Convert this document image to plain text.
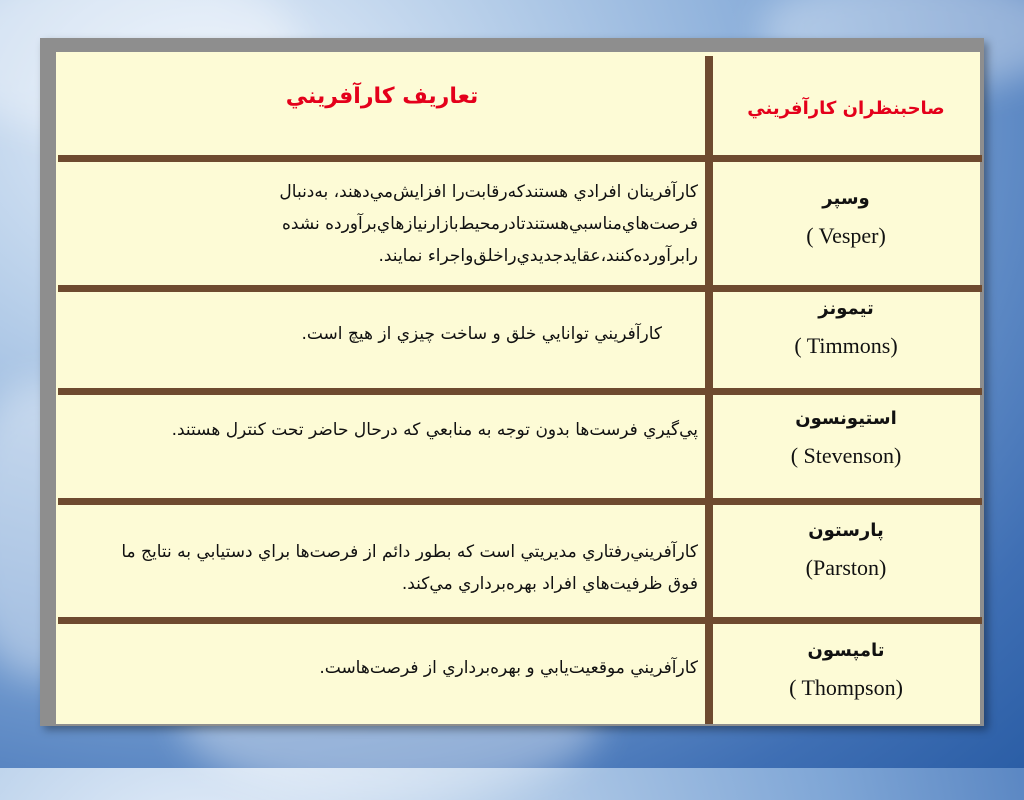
تعاريف كارآفريني	صاحبنظران كارآفريني
كارآفرينان افرادي هستندكه‌رقابت‌را افزايش‌مي‌دهند، به‌دنبال
فرصت‌هاي‌مناسبي‌هستندتادرمحيط‌بازارنيازهاي‌برآورده نشده
رابرآورده‌كنند،عقايدجديدي‌راخلق‌واجراء نمايند.
وسپر
( Vesper)
كارآفريني توانايي خلق و ساخت چيزي از هيچ است.
تيمونز
( Timmons)
پي‌گيري فرست‌ها بدون توجه به منابعي كه درحال حاضر تحت كنترل هستند.
استيونسون
( Stevenson)
كارآفريني‌رفتاري مديريتي است كه بطور دائم از فرصت‌ها براي دستيابي به نتايج ما
فوق ظرفيت‌هاي افراد بهره‌برداري مي‌كند.
پارستون
(Parston)
كارآفريني موقعيت‌يابي و بهره‌برداري از فرصت‌هاست.
تامپسون
( Thompson)
